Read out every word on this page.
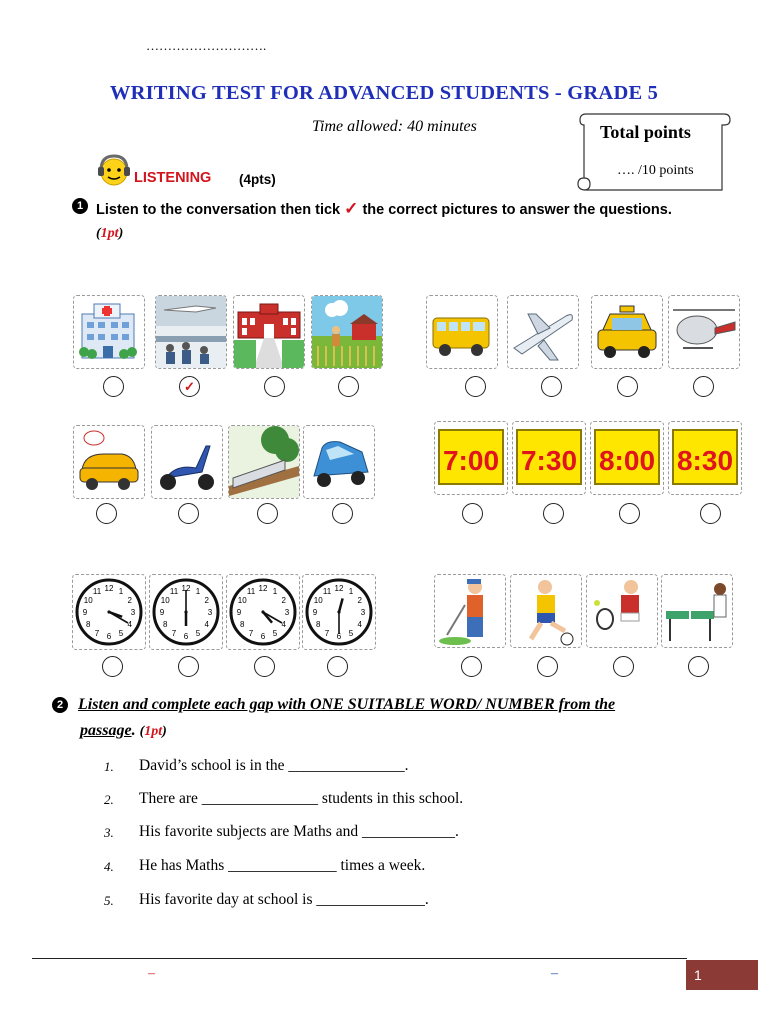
……………………….
WRITING TEST FOR ADVANCED STUDENTS - GRADE 5
Time allowed: 40 minutes	Total points
…. /10 points
LISTENING (4pts)
1 Listen to the conversation then tick ✓ the correct pictures to answer the questions.
(1pt)
✓
7:00 7:30 8:00 8:30
1
2
3
4
5
6
7
8
9
10
11 12	1
2
3
4
5
6
7
8
9
10
11 12	1
2
3
4
5
6
7
8
9
10
11 12	1
2
3
4
5
6
7
8
9
10
11 12
2 Listen and complete each gap with ONE SUITABLE WORD/ NUMBER from the
passage. (1pt)
1. David’s school is in the _______________.
2. There are _______________ students in this school.
3. His favorite subjects are Maths and ____________.
4. He has Maths ______________ times a week.
5. His favorite day at school is ______________.
–	–	1
